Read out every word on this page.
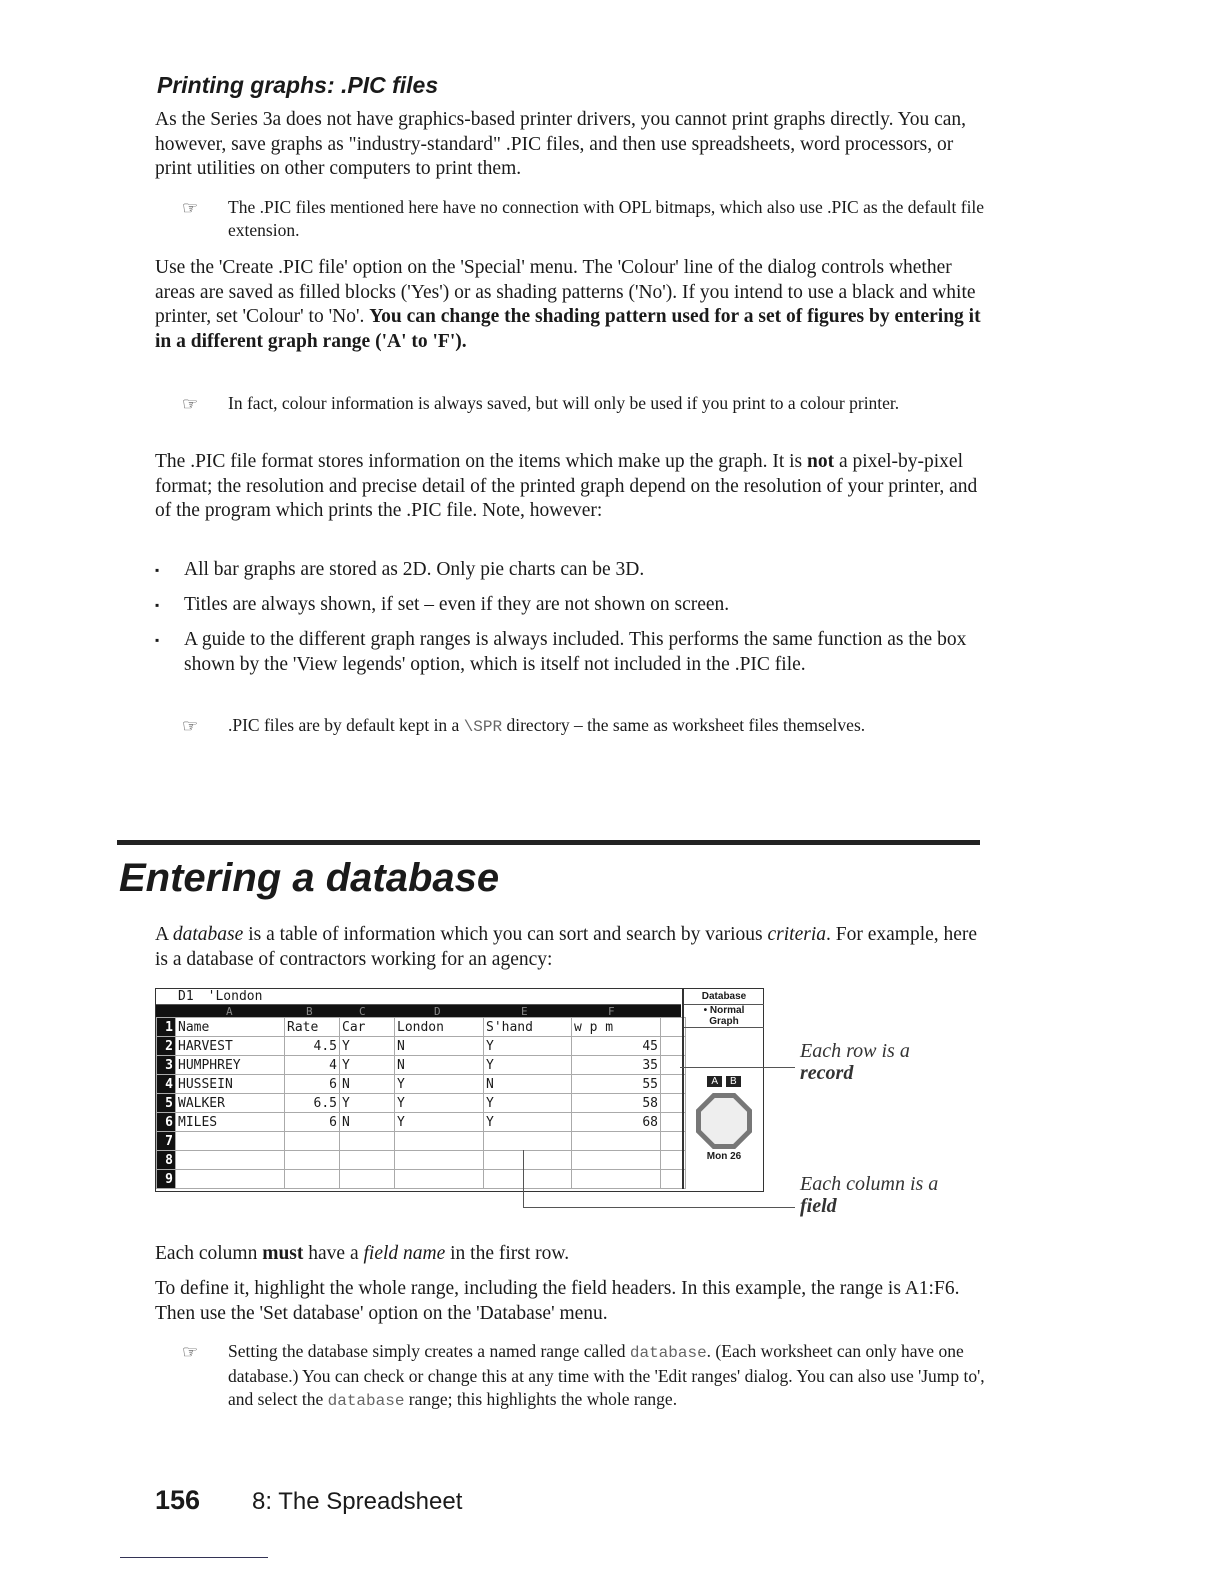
Printing graphs: .PIC files
As the Series 3a does not have graphics-based printer drivers, you cannot print graphs directly. You can, however, save graphs as "industry-standard" .PIC files, and then use spreadsheets, word processors, or print utilities on other computers to print them.
☞ The .PIC files mentioned here have no connection with OPL bitmaps, which also use .PIC as the default file extension.
Use the 'Create .PIC file' option on the 'Special' menu. The 'Colour' line of the dialog controls whether areas are saved as filled blocks ('Yes') or as shading patterns ('No'). If you intend to use a black and white printer, set 'Colour' to 'No'. You can change the shading pattern used for a set of figures by entering it in a different graph range ('A' to 'F').
☞ In fact, colour information is always saved, but will only be used if you print to a colour printer.
The .PIC file format stores information on the items which make up the graph. It is not a pixel-by-pixel format; the resolution and precise detail of the printed graph depend on the resolution of your printer, and of the program which prints the .PIC file. Note, however:
▪ All bar graphs are stored as 2D. Only pie charts can be 3D.
▪ Titles are always shown, if set – even if they are not shown on screen.
▪ A guide to the different graph ranges is always included. This performs the same function as the box shown by the 'View legends' option, which is itself not included in the .PIC file.
☞ .PIC files are by default kept in a \SPR directory – the same as worksheet files themselves.
Entering a database
A database is a table of information which you can sort and search by various criteria. For example, here is a database of contractors working for an agency:
D1 'London
A	B	C	D	E	F
1	Name	Rate	Car	London	S'hand	w p m	
2	HARVEST	4.5	Y	N	Y	45	
3	HUMPHREY	4	Y	N	Y	35	
4	HUSSEIN	6	N	Y	N	55	
5	WALKER	6.5	Y	Y	Y	58	
6	MILES	6	N	Y	Y	68	
7							
8							
9							
Database
• Normal
Graph
A B
Mon 26
Each row is a
record
Each column is a
field
Each column must have a field name in the first row.
To define it, highlight the whole range, including the field headers. In this example, the range is A1:F6. Then use the 'Set database' option on the 'Database' menu.
☞ Setting the database simply creates a named range called database. (Each worksheet can only have one database.) You can check or change this at any time with the 'Edit ranges' dialog. You can also use 'Jump to', and select the database range; this highlights the whole range.
156 8: The Spreadsheet
